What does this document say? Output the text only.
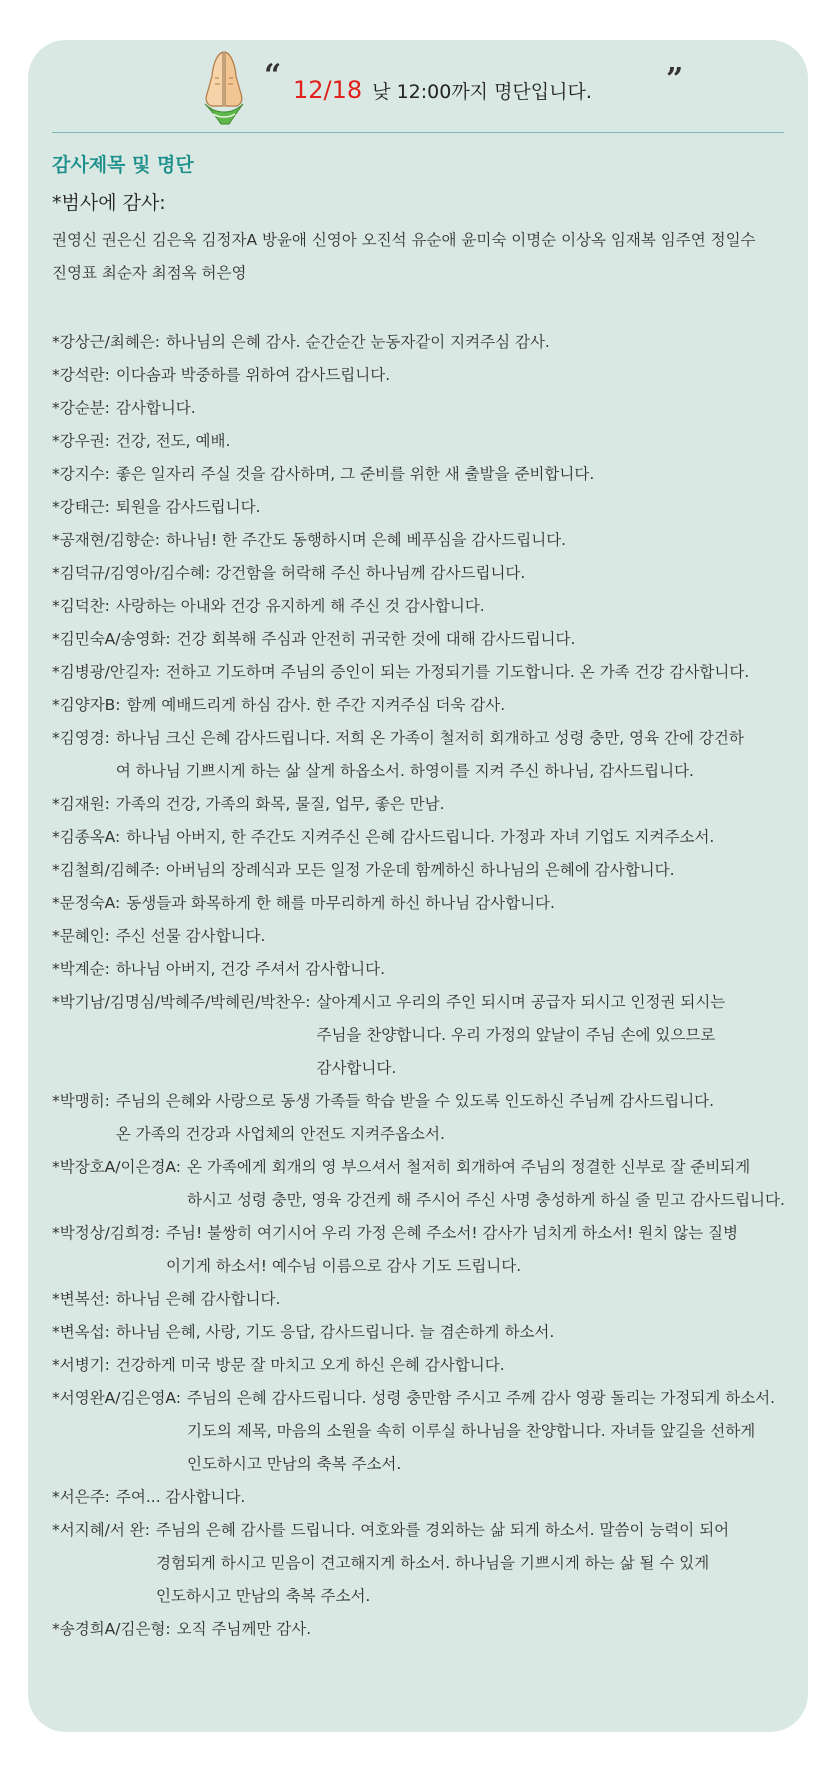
“ 12/18 낮 12:00까지 명단입니다. ”
감사제목 및 명단
*범사에 감사:
권영신 권은신 김은옥 김정자A 방윤애 신영아 오진석 유순애 윤미숙 이명순 이상옥 임재복 임주연 정일수
진영표 최순자 최점옥 허은영
*강상근/최혜은: 하나님의 은혜 감사. 순간순간 눈동자같이 지켜주심 감사.
*강석란: 이다솜과 박중하를 위하여 감사드립니다.
*강순분: 감사합니다.
*강우권: 건강, 전도, 예배.
*강지수: 좋은 일자리 주실 것을 감사하며, 그 준비를 위한 새 출발을 준비합니다.
*강태근: 퇴원을 감사드립니다.
*공재현/김향순: 하나님! 한 주간도 동행하시며 은혜 베푸심을 감사드립니다.
*김덕규/김영아/김수혜: 강건함을 허락해 주신 하나님께 감사드립니다.
*김덕찬: 사랑하는 아내와 건강 유지하게 해 주신 것 감사합니다.
*김민숙A/송영화: 건강 회복해 주심과 안전히 귀국한 것에 대해 감사드립니다.
*김병광/안길자: 전하고 기도하며 주님의 증인이 되는 가정되기를 기도합니다. 온 가족 건강 감사합니다.
*김양자B: 함께 예배드리게 하심 감사. 한 주간 지켜주심 더욱 감사.
*김영경: 하나님 크신 은혜 감사드립니다. 저희 온 가족이 철저히 회개하고 성령 충만, 영육 간에 강건하
여 하나님 기쁘시게 하는 삶 살게 하옵소서. 하영이를 지켜 주신 하나님, 감사드립니다.
*김재원: 가족의 건강, 가족의 화목, 물질, 업무, 좋은 만남.
*김종옥A: 하나님 아버지, 한 주간도 지켜주신 은혜 감사드립니다. 가정과 자녀 기업도 지켜주소서.
*김철희/김혜주: 아버님의 장례식과 모든 일정 가운데 함께하신 하나님의 은혜에 감사합니다.
*문정숙A: 동생들과 화목하게 한 해를 마무리하게 하신 하나님 감사합니다.
*문혜인: 주신 선물 감사합니다.
*박계순: 하나님 아버지, 건강 주셔서 감사합니다.
*박기남/김명심/박혜주/박혜린/박찬우: 살아계시고 우리의 주인 되시며 공급자 되시고 인정권 되시는
주님을 찬양합니다. 우리 가정의 앞날이 주님 손에 있으므로
감사합니다.
*박맹히: 주님의 은혜와 사랑으로 동생 가족들 학습 받을 수 있도록 인도하신 주님께 감사드립니다.
온 가족의 건강과 사업체의 안전도 지켜주옵소서.
*박장호A/이은경A: 온 가족에게 회개의 영 부으셔서 철저히 회개하여 주님의 정결한 신부로 잘 준비되게
하시고 성령 충만, 영육 강건케 해 주시어 주신 사명 충성하게 하실 줄 믿고 감사드립니다.
*박정상/김희경: 주님! 불쌍히 여기시어 우리 가정 은혜 주소서! 감사가 넘치게 하소서! 원치 않는 질병
이기게 하소서! 예수님 이름으로 감사 기도 드립니다.
*변복선: 하나님 은혜 감사합니다.
*변옥섭: 하나님 은혜, 사랑, 기도 응답, 감사드립니다. 늘 겸손하게 하소서.
*서병기: 건강하게 미국 방문 잘 마치고 오게 하신 은혜 감사합니다.
*서영완A/김은영A: 주님의 은혜 감사드립니다. 성령 충만함 주시고 주께 감사 영광 돌리는 가정되게 하소서.
기도의 제목, 마음의 소원을 속히 이루실 하나님을 찬양합니다. 자녀들 앞길을 선하게
인도하시고 만남의 축복 주소서.
*서은주: 주여... 감사합니다.
*서지혜/서 완: 주님의 은혜 감사를 드립니다. 여호와를 경외하는 삶 되게 하소서. 말씀이 능력이 되어
경험되게 하시고 믿음이 견고해지게 하소서. 하나님을 기쁘시게 하는 삶 될 수 있게
인도하시고 만남의 축복 주소서.
*송경희A/김은형: 오직 주님께만 감사.
